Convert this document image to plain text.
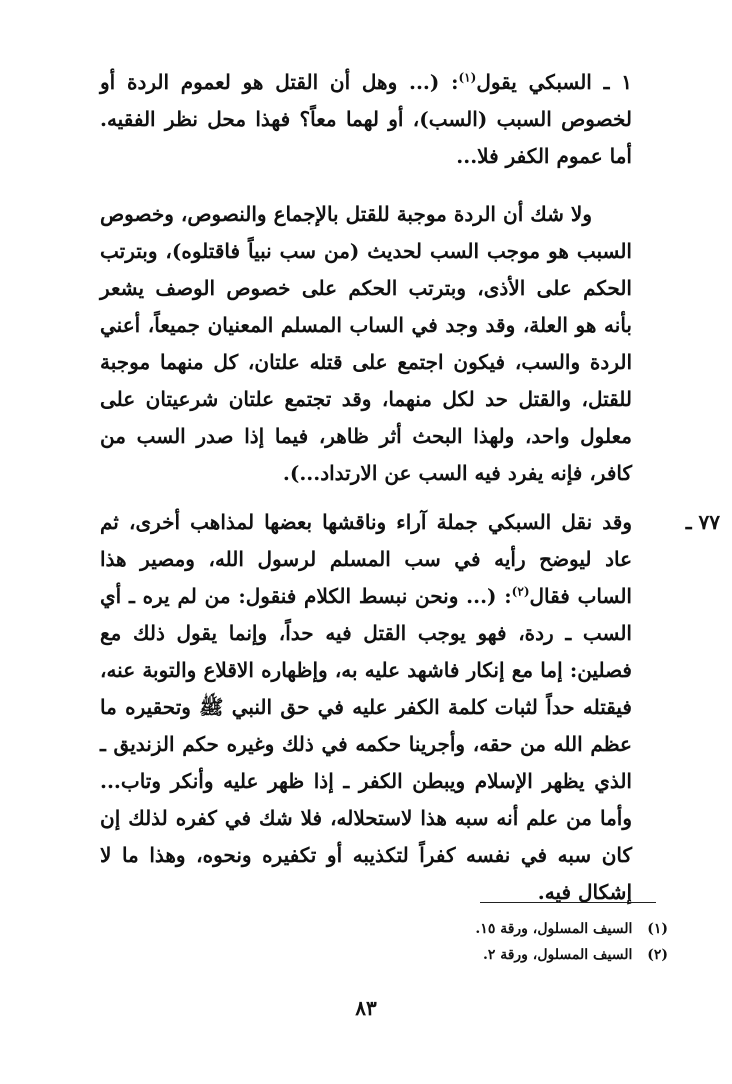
١ ـ السبكي يقول$^{(١)}$: (... وهل أن القتل هو لعموم الردة أو لخصوص السبب (السب)، أو لهما معاً؟ فهذا محل نظر الفقيه. أما عموم الكفر فلا...
ولا شك أن الردة موجبة للقتل بالإجماع والنصوص، وخصوص السبب هو موجب السب لحديث (من سب نبياً فاقتلوه)، وبترتب الحكم على الأذى، وبترتب الحكم على خصوص الوصف يشعر بأنه هو العلة، وقد وجد في الساب المسلم المعنيان جميعاً، أعني الردة والسب، فيكون اجتمع على قتله علتان، كل منهما موجبة للقتل، والقتل حد لكل منهما، وقد تجتمع علتان شرعيتان على معلول واحد، ولهذا البحث أثر ظاهر، فيما إذا صدر السب من كافر، فإنه يفرد فيه السب عن الارتداد...).
٧٧ ـ
وقد نقل السبكي جملة آراء وناقشها بعضها لمذاهب أخرى، ثم عاد ليوضح رأيه في سب المسلم لرسول الله، ومصير هذا الساب فقال$^{(٢)}$: (... ونحن نبسط الكلام فنقول: من لم يره ـ أي السب ـ ردة، فهو يوجب القتل فيه حداً، وإنما يقول ذلك مع فصلين: إما مع إنكار فاشهد عليه به، وإظهاره الاقلاع والتوبة عنه، فيقتله حداً لثبات كلمة الكفر عليه في حق النبي ﷺ وتحقيره ما عظم الله من حقه، وأجرينا حكمه في ذلك وغيره حكم الزنديق ـ الذي يظهر الإسلام ويبطن الكفر ـ إذا ظهر عليه وأنكر وتاب... وأما من علم أنه سبه هذا لاستحلاله، فلا شك في كفره لذلك إن كان سبه في نفسه كفراً لتكذيبه أو تكفيره ونحوه، وهذا ما لا إشكال فيه.
(١) السيف المسلول، ورقة ١٥.
(٢) السيف المسلول، ورقة ٢.
٨٣
